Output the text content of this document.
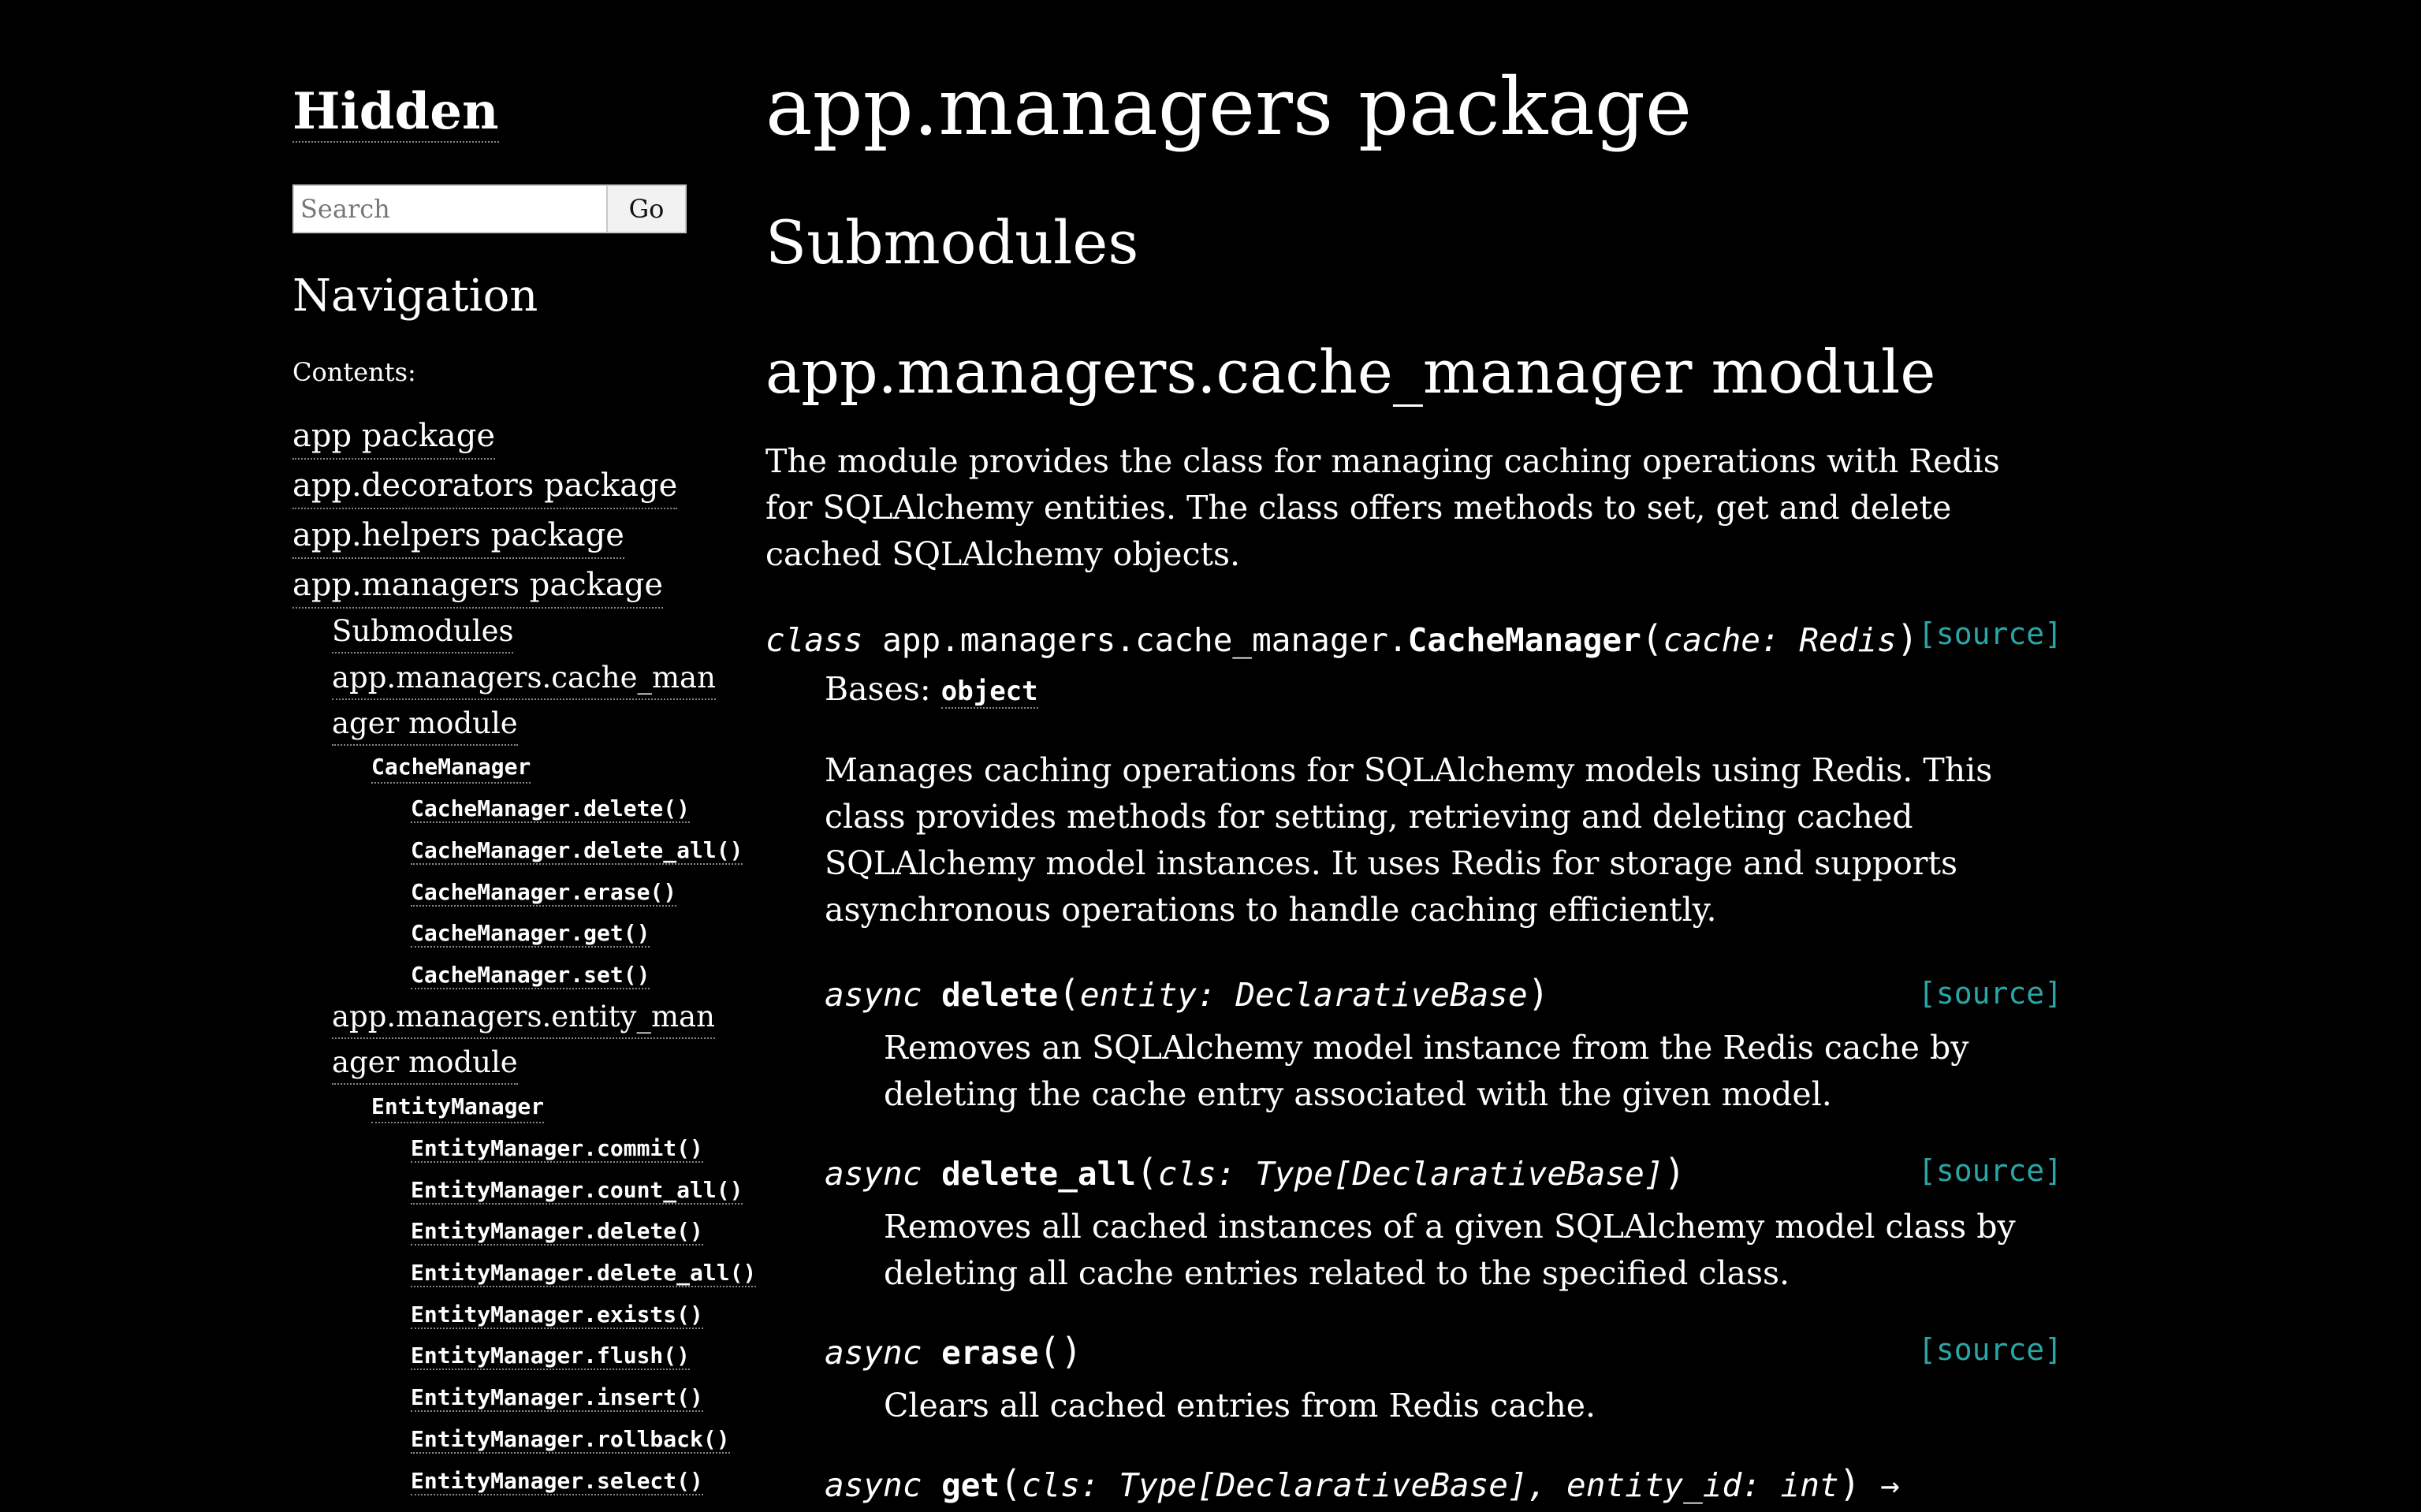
Hidden
Search
Go
Navigation
Contents:
app package
app.decorators package
app.helpers package
app.managers package
Submodules
app.managers.cache_man
ager module
CacheManager
CacheManager.delete()
CacheManager.delete_all()
CacheManager.erase()
CacheManager.get()
CacheManager.set()
app.managers.entity_man
ager module
EntityManager
EntityManager.commit()
EntityManager.count_all()
EntityManager.delete()
EntityManager.delete_all()
EntityManager.exists()
EntityManager.flush()
EntityManager.insert()
EntityManager.rollback()
EntityManager.select()
app.managers package
Submodules
app.managers.cache_manager module

The module provides the class for managing caching operations with Redis for SQLAlchemy entities. The class offers methods to set, get and delete cached SQLAlchemy objects.

class app.managers.cache_manager.CacheManager(cache: Redis) [source]
Bases: object

Manages caching operations for SQLAlchemy models using Redis. This class provides methods for setting, retrieving and deleting cached SQLAlchemy model instances. It uses Redis for storage and supports asynchronous operations to handle caching efficiently.

async delete(entity: DeclarativeBase)	[source]

Removes an SQLAlchemy model instance from the Redis cache by deleting the cache entry associated with the given model.

async delete_all(cls: Type[DeclarativeBase])	[source]

Removes all cached instances of a given SQLAlchemy model class by deleting all cache entries related to the specified class.

async erase()	[source]

Clears all cached entries from Redis cache.

async get(cls: Type[DeclarativeBase], entity_id: int) →
